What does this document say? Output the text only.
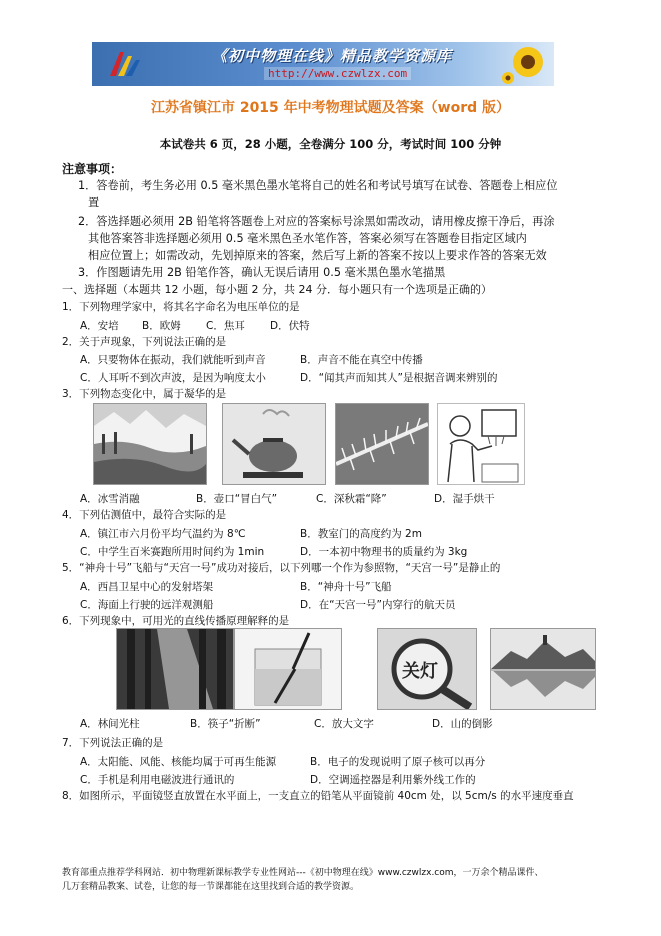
《初中物理在线》精品教学资源库
http://www.czwlzx.com
江苏省镇江市 2015 年中考物理试题及答案（word 版）
本试卷共 6 页，28 小题，全卷满分 100 分，考试时间 100 分钟
注意事项：
1．答卷前，考生务必用 0.5 毫米黑色墨水笔将自己的姓名和考试号填写在试卷、答题卷上相应位
置
2．答选择题必须用 2B 铅笔将答题卷上对应的答案标号涂黑如需改动，请用橡皮擦干净后，再涂
其他答案答非选择题必须用 0.5 毫米黑色圣水笔作答，答案必须写在答题卷目指定区域内
相应位置上；如需改动，先划掉原来的答案，然后写上新的答案不按以上要求作答的答案无效
3．作图题请先用 2B 铅笔作答，确认无误后请用 0.5 毫米黑色墨水笔描黑
一、选择题（本题共 12 小题，每小题 2 分，共 24 分．每小题只有一个选项是正确的）
1．下列物理学家中，将其名字命名为电压单位的是
A．安培 B．欧姆 C．焦耳 D．伏特
2．关于声现象，下列说法正确的是
A．只要物体在振动，我们就能听到声音	B．声音不能在真空中传播
C．人耳听不到次声波，是因为响度太小	D．“闻其声而知其人”是根据音调来辨别的
3．下列物态变化中，属于凝华的是
A．冰雪消融	B．壶口“冒白气”	C．深秋霜“降”	D．湿手烘干
4．下列估测值中，最符合实际的是
A．镇江市六月份平均气温约为 8℃	B．教室门的高度约为 2m
C．中学生百米赛跑所用时间约为 1min	D．一本初中物理书的质量约为 3kg
5．“神舟十号”飞船与“天宫一号”成功对接后，以下列哪一个作为参照物，“天宫一号”是静止的
A．西昌卫星中心的发射塔架	B．“神舟十号”飞船
C．海面上行驶的远洋观测船	D．在“天宫一号”内穿行的航天员
6．下列现象中，可用光的直线传播原理解释的是
关灯
A．林间光柱	B．筷子“折断”	C．放大文字	D．山的倒影
7．下列说法正确的是
A．太阳能、风能、核能均属于可再生能源	B．电子的发现说明了原子核可以再分
C．手机是利用电磁波进行通讯的	D．空调遥控器是利用紫外线工作的
8．如图所示，平面镜竖直放置在水平面上，一支直立的铅笔从平面镜前 40cm 处，以 5cm/s 的水平速度垂直
教育部重点推荐学科网站．初中物理新课标教学专业性网站---《初中物理在线》www.czwlzx.com，一万余个精品课件、
几万套精品教案、试卷，让您的每一节课都能在这里找到合适的教学资源。
